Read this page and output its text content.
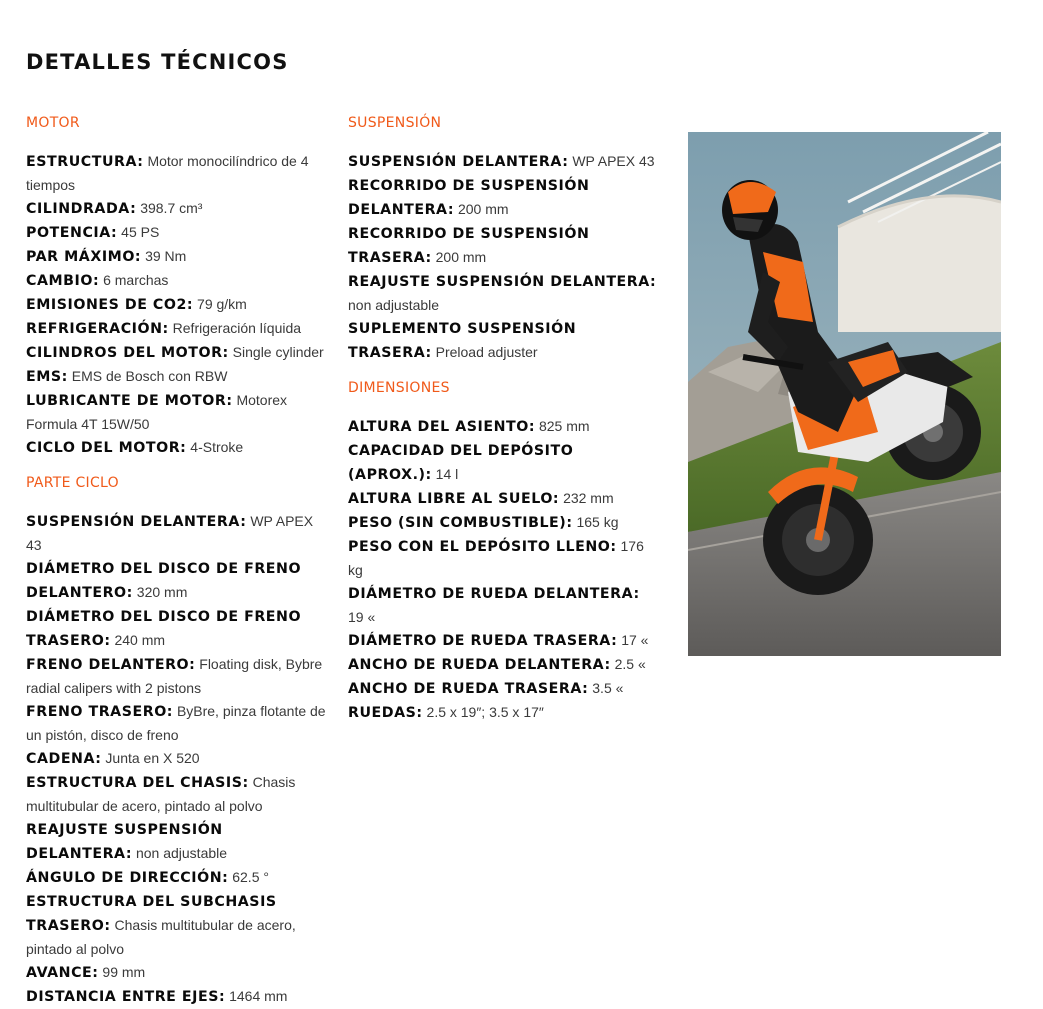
DETALLES TÉCNICOS
MOTOR
ESTRUCTURA: Motor monocilíndrico de 4 tiempos
CILINDRADA: 398.7 cm³
POTENCIA: 45 PS
PAR MÁXIMO: 39 Nm
CAMBIO: 6 marchas
EMISIONES DE CO2: 79 g/km
REFRIGERACIÓN: Refrigeración líquida
CILINDROS DEL MOTOR: Single cylinder
EMS: EMS de Bosch con RBW
LUBRICANTE DE MOTOR: Motorex Formula 4T 15W/50
CICLO DEL MOTOR: 4-Stroke
PARTE CICLO
SUSPENSIÓN DELANTERA: WP APEX 43
DIÁMETRO DEL DISCO DE FRENO DELANTERO: 320 mm
DIÁMETRO DEL DISCO DE FRENO TRASERO: 240 mm
FRENO DELANTERO: Floating disk, Bybre radial calipers with 2 pistons
FRENO TRASERO: ByBre, pinza flotante de un pistón, disco de freno
CADENA: Junta en X 520
ESTRUCTURA DEL CHASIS: Chasis multitubular de acero, pintado al polvo
REAJUSTE SUSPENSIÓN DELANTERA: non adjustable
ÁNGULO DE DIRECCIÓN: 62.5 °
ESTRUCTURA DEL SUBCHASIS TRASERO: Chasis multitubular de acero, pintado al polvo
AVANCE: 99 mm
DISTANCIA ENTRE EJES: 1464 mm
SUSPENSIÓN
SUSPENSIÓN DELANTERA: WP APEX 43
RECORRIDO DE SUSPENSIÓN DELANTERA: 200 mm
RECORRIDO DE SUSPENSIÓN TRASERA: 200 mm
REAJUSTE SUSPENSIÓN DELANTERA: non adjustable
SUPLEMENTO SUSPENSIÓN TRASERA: Preload adjuster
DIMENSIONES
ALTURA DEL ASIENTO: 825 mm
CAPACIDAD DEL DEPÓSITO (APROX.): 14 l
ALTURA LIBRE AL SUELO: 232 mm
PESO (SIN COMBUSTIBLE): 165 kg
PESO CON EL DEPÓSITO LLENO: 176 kg
DIÁMETRO DE RUEDA DELANTERA: 19 «
DIÁMETRO DE RUEDA TRASERA: 17 «
ANCHO DE RUEDA DELANTERA: 2.5 «
ANCHO DE RUEDA TRASERA: 3.5 «
RUEDAS: 2.5 x 19″; 3.5 x 17″
